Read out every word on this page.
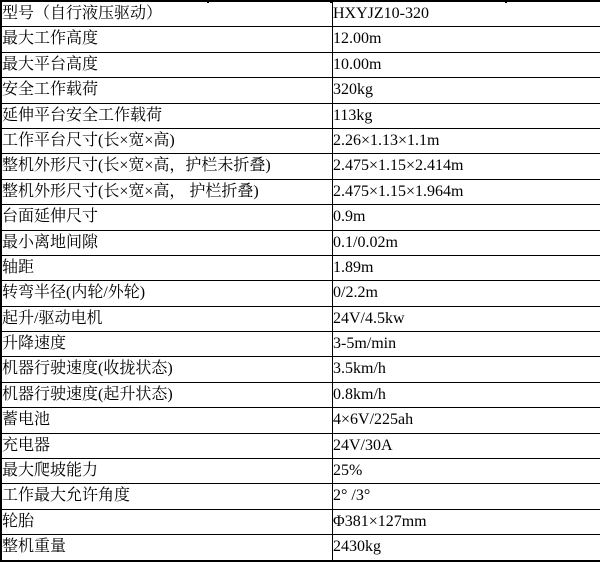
型号（自行液压驱动）	HXYJZ10-320
最大工作高度	12.00m
最大平台高度	10.00m
安全工作载荷	320kg
延伸平台安全工作载荷	113kg
工作平台尺寸(长×宽×高)	2.26×1.13×1.1m
整机外形尺寸(长×宽×高，护栏未折叠)	2.475×1.15×2.414m
整机外形尺寸(长×宽×高， 护栏折叠)	2.475×1.15×1.964m
台面延伸尺寸	0.9m
最小离地间隙	0.1/0.02m
轴距	1.89m
转弯半径(内轮/外轮)	0/2.2m
起升/驱动电机	24V/4.5kw
升降速度	3-5m/min
机器行驶速度(收拢状态)	3.5km/h
机器行驶速度(起升状态)	0.8km/h
蓄电池	4×6V/225ah
充电器	24V/30A
最大爬坡能力	25%
工作最大允许角度	2° /3°
轮胎	Φ381×127mm
整机重量	2430kg
